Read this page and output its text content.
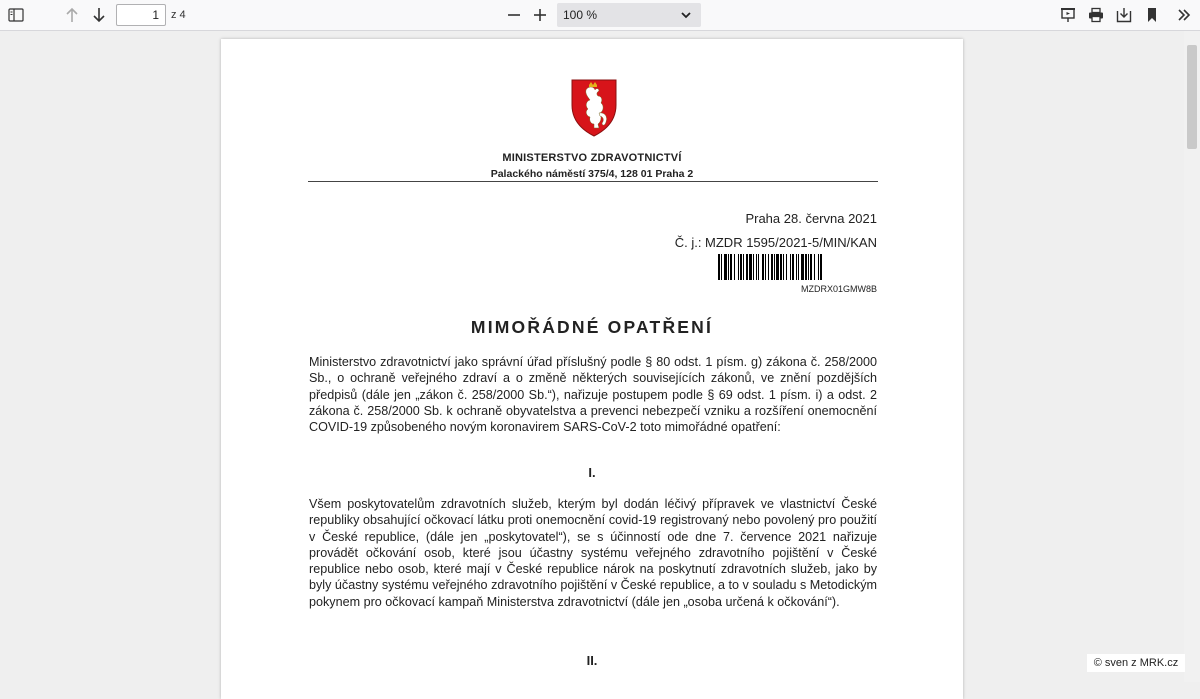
1
z 4	100 %
MINISTERSTVO ZDRAVOTNICTVÍ
Palackého náměstí 375/4, 128 01 Praha 2
Praha 28. června 2021
Č. j.: MZDR 1595/2021-5/MIN/KAN
MZDRX01GMW8B
MIMOŘÁDNÉ OPATŘENÍ

Ministerstvo zdravotnictví jako správní úřad příslušný podle § 80 odst. 1 písm. g) zákona č. 258/2000 Sb., o ochraně veřejného zdraví a o změně některých souvisejících zákonů, ve znění pozdějších předpisů (dále jen „zákon č. 258/2000 Sb.“), nařizuje postupem podle § 69 odst. 1 písm. i) a odst. 2 zákona č. 258/2000 Sb. k ochraně obyvatelstva a prevenci nebezpečí vzniku a rozšíření onemocnění COVID-19 způsobeného novým koronavirem SARS-CoV-2 toto mimořádné opatření:

I.

Všem poskytovatelům zdravotních služeb, kterým byl dodán léčivý přípravek ve vlastnictví České republiky obsahující očkovací látku proti onemocnění covid-19 registrovaný nebo povolený pro použití v České republice, (dále jen „poskytovatel“), se s účinností ode dne 7. července 2021 nařizuje provádět očkování osob, které jsou účastny systému veřejného zdravotního pojištění v České republice nebo osob, které mají v České republice nárok na poskytnutí zdravotních služeb, jako by byly účastny systému veřejného zdravotního pojištění v České republice, a to v souladu s Metodickým pokynem pro očkovací kampaň Ministerstva zdravotnictví (dále jen „osoba určená k očkování“).

II.	© sven z MRK.cz
